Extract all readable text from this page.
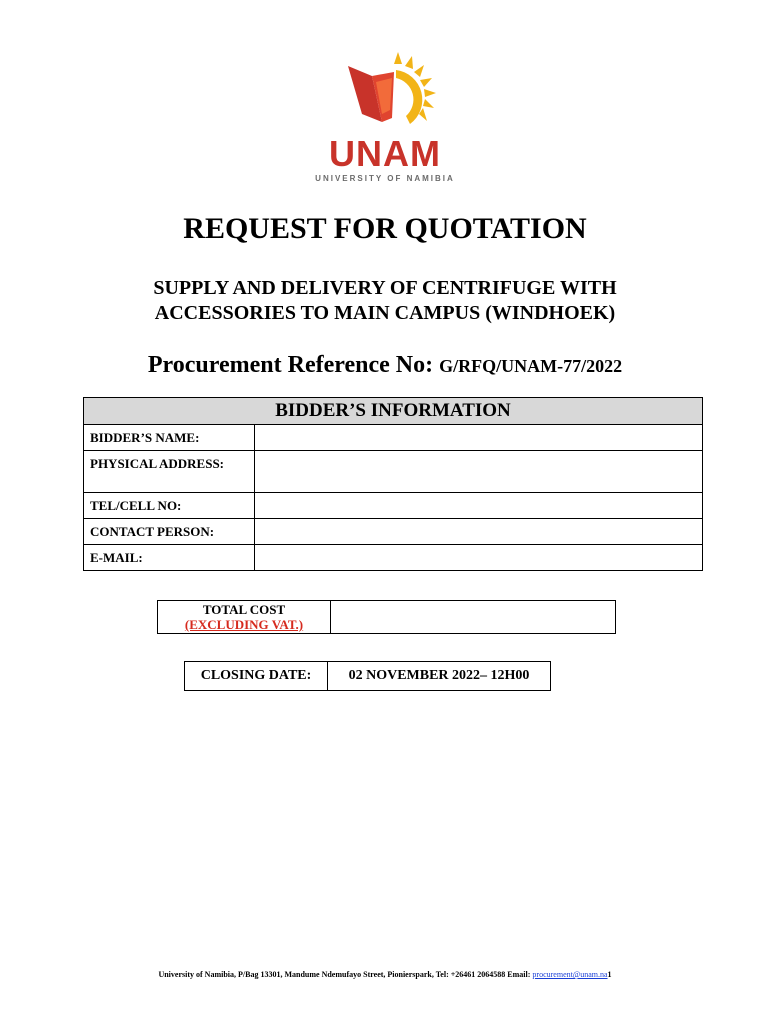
UNAM
UNIVERSITY OF NAMIBIA
REQUEST FOR QUOTATION
SUPPLY AND DELIVERY OF CENTRIFUGE WITH ACCESSORIES TO MAIN CAMPUS (WINDHOEK)
Procurement Reference No: G/RFQ/UNAM-77/2022
BIDDER’S INFORMATION	
BIDDER’S NAME:	
PHYSICAL ADDRESS:	
TEL/CELL NO:	
CONTACT PERSON:	
E-MAIL:	
TOTAL COST
(EXCLUDING VAT.)

CLOSING DATE:	02 NOVEMBER 2022– 12H00
University of Namibia, P/Bag 13301, Mandume Ndemufayo Street, Pionierspark, Tel: +26461 2064588 Email: procurement@unam.na1
